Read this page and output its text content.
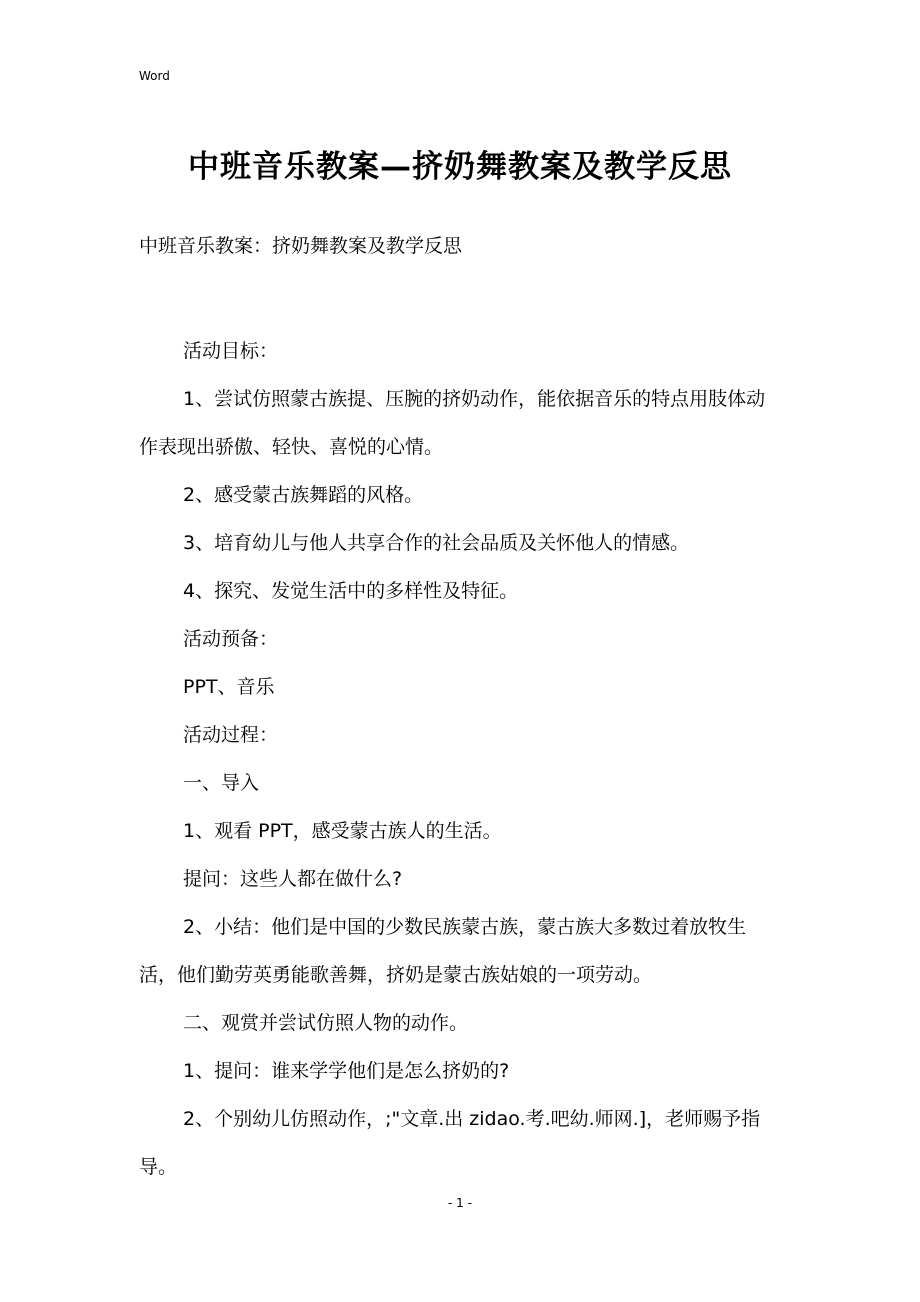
Word
中班音乐教案—挤奶舞教案及教学反思
中班音乐教案：挤奶舞教案及教学反思

活动目标：

1、尝试仿照蒙古族提、压腕的挤奶动作，能依据音乐的特点用肢体动作表现出骄傲、轻快、喜悦的心情。

2、感受蒙古族舞蹈的风格。

3、培育幼儿与他人共享合作的社会品质及关怀他人的情感。

4、探究、发觉生活中的多样性及特征。

活动预备：

PPT、音乐

活动过程：

一、导入

1、观看 PPT，感受蒙古族人的生活。

提问：这些人都在做什么?

2、小结：他们是中国的少数民族蒙古族，蒙古族大多数过着放牧生活，他们勤劳英勇能歌善舞，挤奶是蒙古族姑娘的一项劳动。

二、观赏并尝试仿照人物的动作。

1、提问：谁来学学他们是怎么挤奶的?

2、个别幼儿仿照动作，;"文章.出 zidao.考.吧幼.师网.]，老师赐予指导。

- 1 -
